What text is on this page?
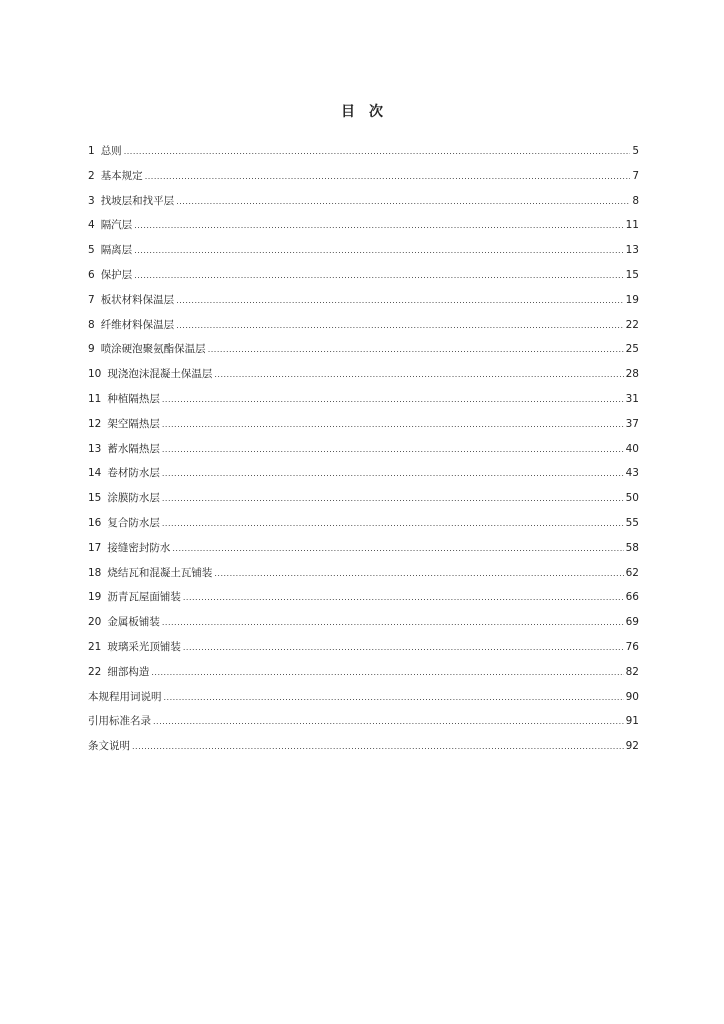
目　次
1 总则 .....	5
2 基本规定 .....	7
3 找坡层和找平层 .....	8
4 隔汽层 .....	11
5 隔离层 .....	13
6 保护层 .....	15
7 板状材料保温层 .....	19
8 纤维材料保温层 .....	22
9 喷涂硬泡聚氨酯保温层 .....	25
10 现浇泡沫混凝土保温层 .....	28
11 种植隔热层 .....	31
12 架空隔热层 .....	37
13 蓄水隔热层 .....	40
14 卷材防水层 .....	43
15 涂膜防水层 .....	50
16 复合防水层 .....	55
17 接缝密封防水 .....	58
18 烧结瓦和混凝土瓦铺装 .....	62
19 沥青瓦屋面铺装 .....	66
20 金属板铺装 .....	69
21 玻璃采光顶铺装 .....	76
22 细部构造 .....	82
本规程用词说明 .....	90
引用标准名录 .....	91
条文说明 .....	92
